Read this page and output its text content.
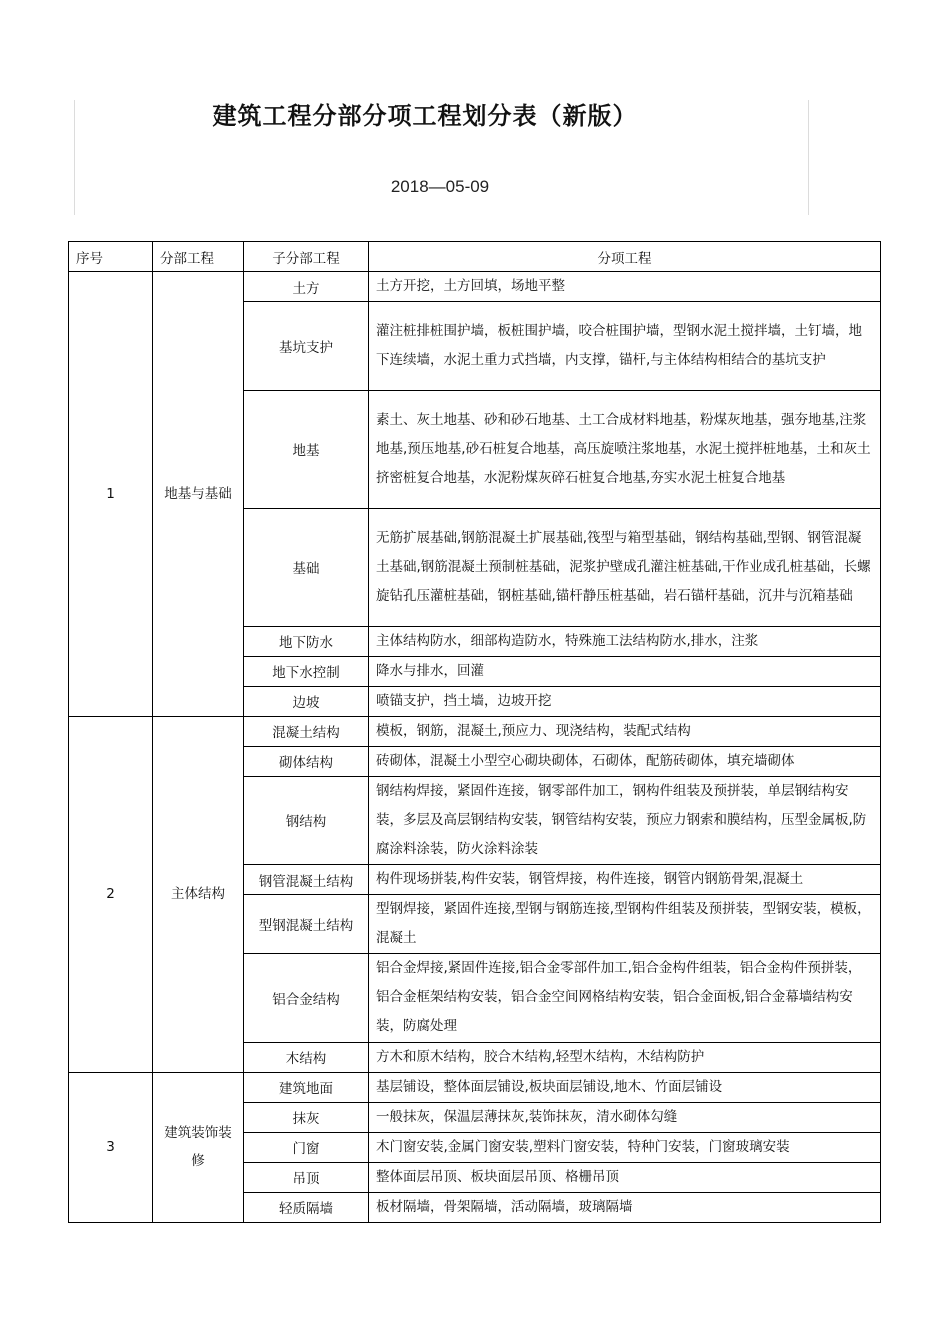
建筑工程分部分项工程划分表（新版）
2018—05-09
序号	分部工程	子分部工程	分项工程
1	地基与基础	土方	土方开挖，土方回填，场地平整
		基坑支护	灌注桩排桩围护墙，板桩围护墙，咬合桩围护墙，型钢水泥土搅拌墙，土钉墙，地下连续墙，水泥土重力式挡墙，内支撑，锚杆,与主体结构相结合的基坑支护
		地基	素土、灰土地基、砂和砂石地基、土工合成材料地基，粉煤灰地基，强夯地基,注浆地基,预压地基,砂石桩复合地基，高压旋喷注浆地基，水泥土搅拌桩地基，土和灰土挤密桩复合地基，水泥粉煤灰碎石桩复合地基,夯实水泥土桩复合地基
		基础	无筋扩展基础,钢筋混凝土扩展基础,筏型与箱型基础，钢结构基础,型钢、钢管混凝土基础,钢筋混凝土预制桩基础，泥浆护壁成孔灌注桩基础,干作业成孔桩基础，长螺旋钻孔压灌桩基础，钢桩基础,锚杆静压桩基础，岩石锚杆基础，沉井与沉箱基础
		地下防水	主体结构防水，细部构造防水，特殊施工法结构防水,排水，注浆
		地下水控制	降水与排水，回灌
		边坡	喷锚支护，挡土墙，边坡开挖
2	主体结构	混凝土结构	模板，钢筋，混凝土,预应力、现浇结构，装配式结构
		砌体结构	砖砌体，混凝土小型空心砌块砌体，石砌体，配筋砖砌体，填充墙砌体
		钢结构	钢结构焊接，紧固件连接，钢零部件加工，钢构件组装及预拼装，单层钢结构安装，多层及高层钢结构安装，钢管结构安装，预应力钢索和膜结构，压型金属板,防腐涂料涂装，防火涂料涂装
		钢管混凝土结构	构件现场拼装,构件安装，钢管焊接，构件连接，钢管内钢筋骨架,混凝土
		型钢混凝土结构	型钢焊接，紧固件连接,型钢与钢筋连接,型钢构件组装及预拼装，型钢安装，模板，混凝土
		铝合金结构	铝合金焊接,紧固件连接,铝合金零部件加工,铝合金构件组装，铝合金构件预拼装，铝合金框架结构安装，铝合金空间网格结构安装，铝合金面板,铝合金幕墙结构安装，防腐处理
		木结构	方木和原木结构，胶合木结构,轻型木结构，木结构防护
3	建筑装饰装修	建筑地面	基层铺设，整体面层铺设,板块面层铺设,地木、竹面层铺设
		抹灰	一般抹灰，保温层薄抹灰,装饰抹灰，清水砌体勾缝
		门窗	木门窗安装,金属门窗安装,塑料门窗安装，特种门安装，门窗玻璃安装
		吊顶	整体面层吊顶、板块面层吊顶、格栅吊顶
		轻质隔墙	板材隔墙，骨架隔墙，活动隔墙，玻璃隔墙
